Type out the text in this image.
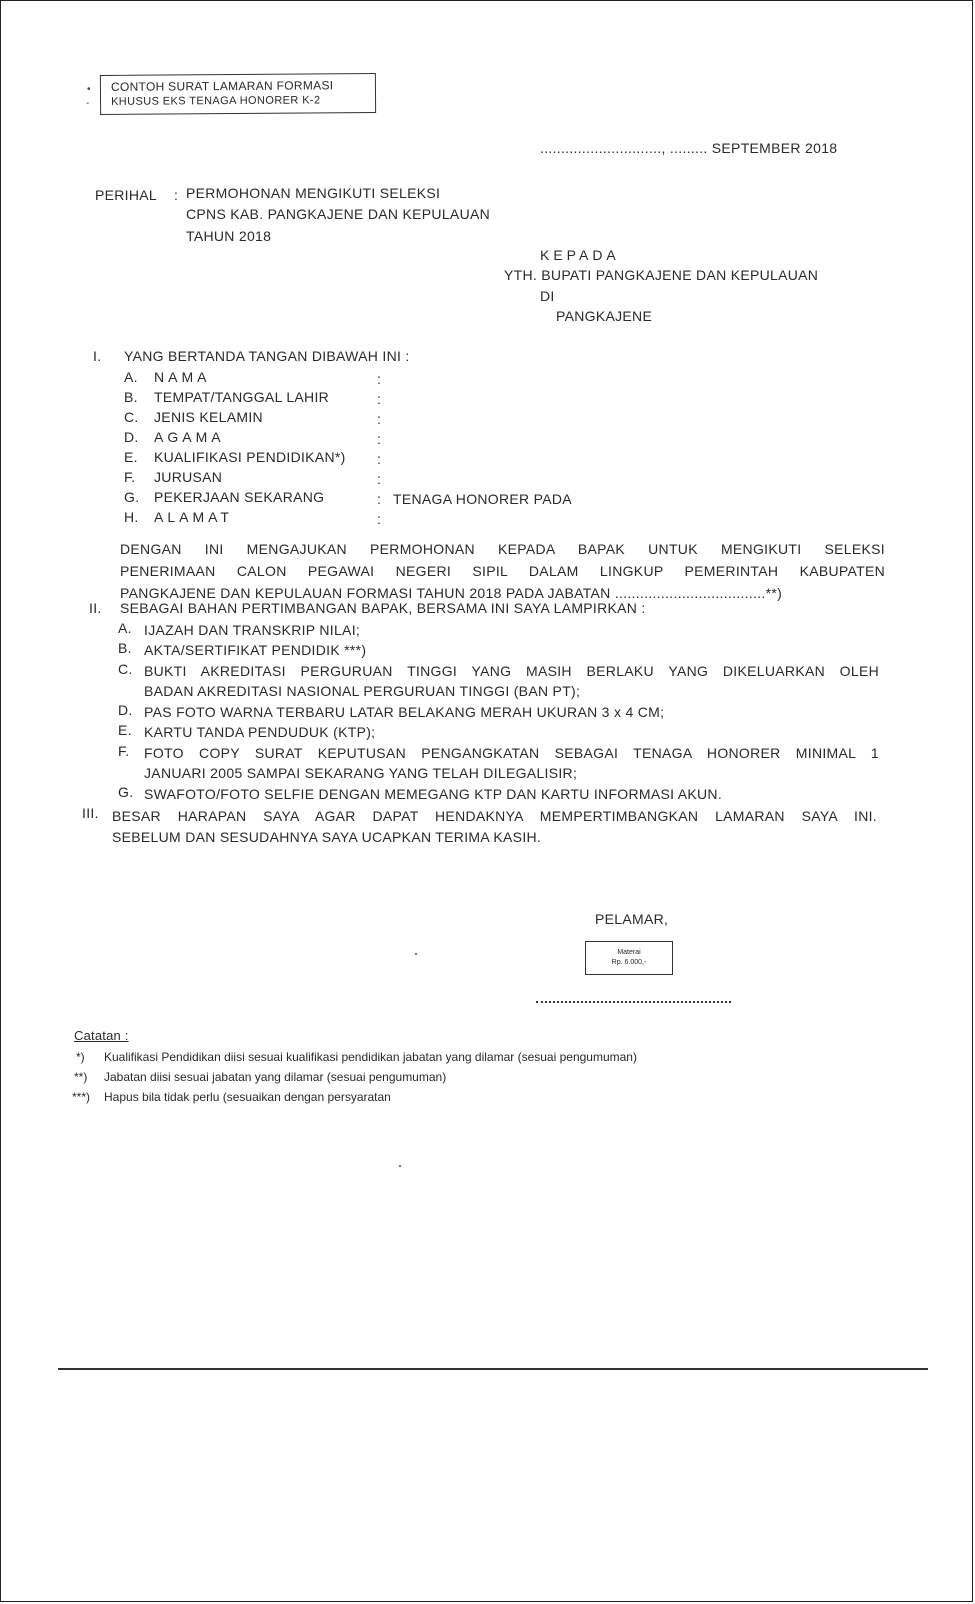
•
-
CONTOH SURAT LAMARAN FORMASI
KHUSUS EKS TENAGA HONORER K-2
............................., ......... SEPTEMBER 2018
PERIHAL : PERMOHONAN MENGIKUTI SELEKSI
CPNS KAB. PANGKAJENE DAN KEPULAUAN
TAHUN 2018
KEPADA
YTH. BUPATI PANGKAJENE DAN KEPULAUAN
DI
PANGKAJENE
I. YANG BERTANDA TANGAN DIBAWAH INI :
A. NAMA	:
B. TEMPAT/TANGGAL LAHIR	:
C. JENIS KELAMIN	:
D. AGAMA	:
E. KUALIFIKASI PENDIDIKAN*) :
F. JURUSAN	:
G. PEKERJAAN SEKARANG	: TENAGA HONORER PADA
H. ALAMAT	:
DENGAN INI MENGAJUKAN PERMOHONAN KEPADA BAPAK UNTUK MENGIKUTI SELEKSI
PENERIMAAN CALON PEGAWAI NEGERI SIPIL DALAM LINGKUP PEMERINTAH KABUPATEN
PANGKAJENE DAN KEPULAUAN FORMASI TAHUN 2018 PADA JABATAN ....................................**)
II. SEBAGAI BAHAN PERTIMBANGAN BAPAK, BERSAMA INI SAYA LAMPIRKAN :
A. IJAZAH DAN TRANSKRIP NILAI;
B. AKTA/SERTIFIKAT PENDIDIK ***)
C. BUKTI AKREDITASI PERGURUAN TINGGI YANG MASIH BERLAKU YANG DIKELUARKAN OLEH
BADAN AKREDITASI NASIONAL PERGURUAN TINGGI (BAN PT);
D. PAS FOTO WARNA TERBARU LATAR BELAKANG MERAH UKURAN 3 x 4 CM;
E. KARTU TANDA PENDUDUK (KTP);
F. FOTO COPY SURAT KEPUTUSAN PENGANGKATAN SEBAGAI TENAGA HONORER MINIMAL 1
JANUARI 2005 SAMPAI SEKARANG YANG TELAH DILEGALISIR;
G. SWAFOTO/FOTO SELFIE DENGAN MEMEGANG KTP DAN KARTU INFORMASI AKUN.
III. BESAR HARAPAN SAYA AGAR DAPAT HENDAKNYA MEMPERTIMBANGKAN LAMARAN SAYA INI.
SEBELUM DAN SESUDAHNYA SAYA UCAPKAN TERIMA KASIH.
PELAMAR,
Materai
Rp. 6.000,-
Catatan :
*) Kualifikasi Pendidikan diisi sesuai kualifikasi pendidikan jabatan yang dilamar (sesuai pengumuman)
**) Jabatan diisi sesuai jabatan yang dilamar (sesuai pengumuman)
***) Hapus bila tidak perlu (sesuaikan dengan persyaratan
